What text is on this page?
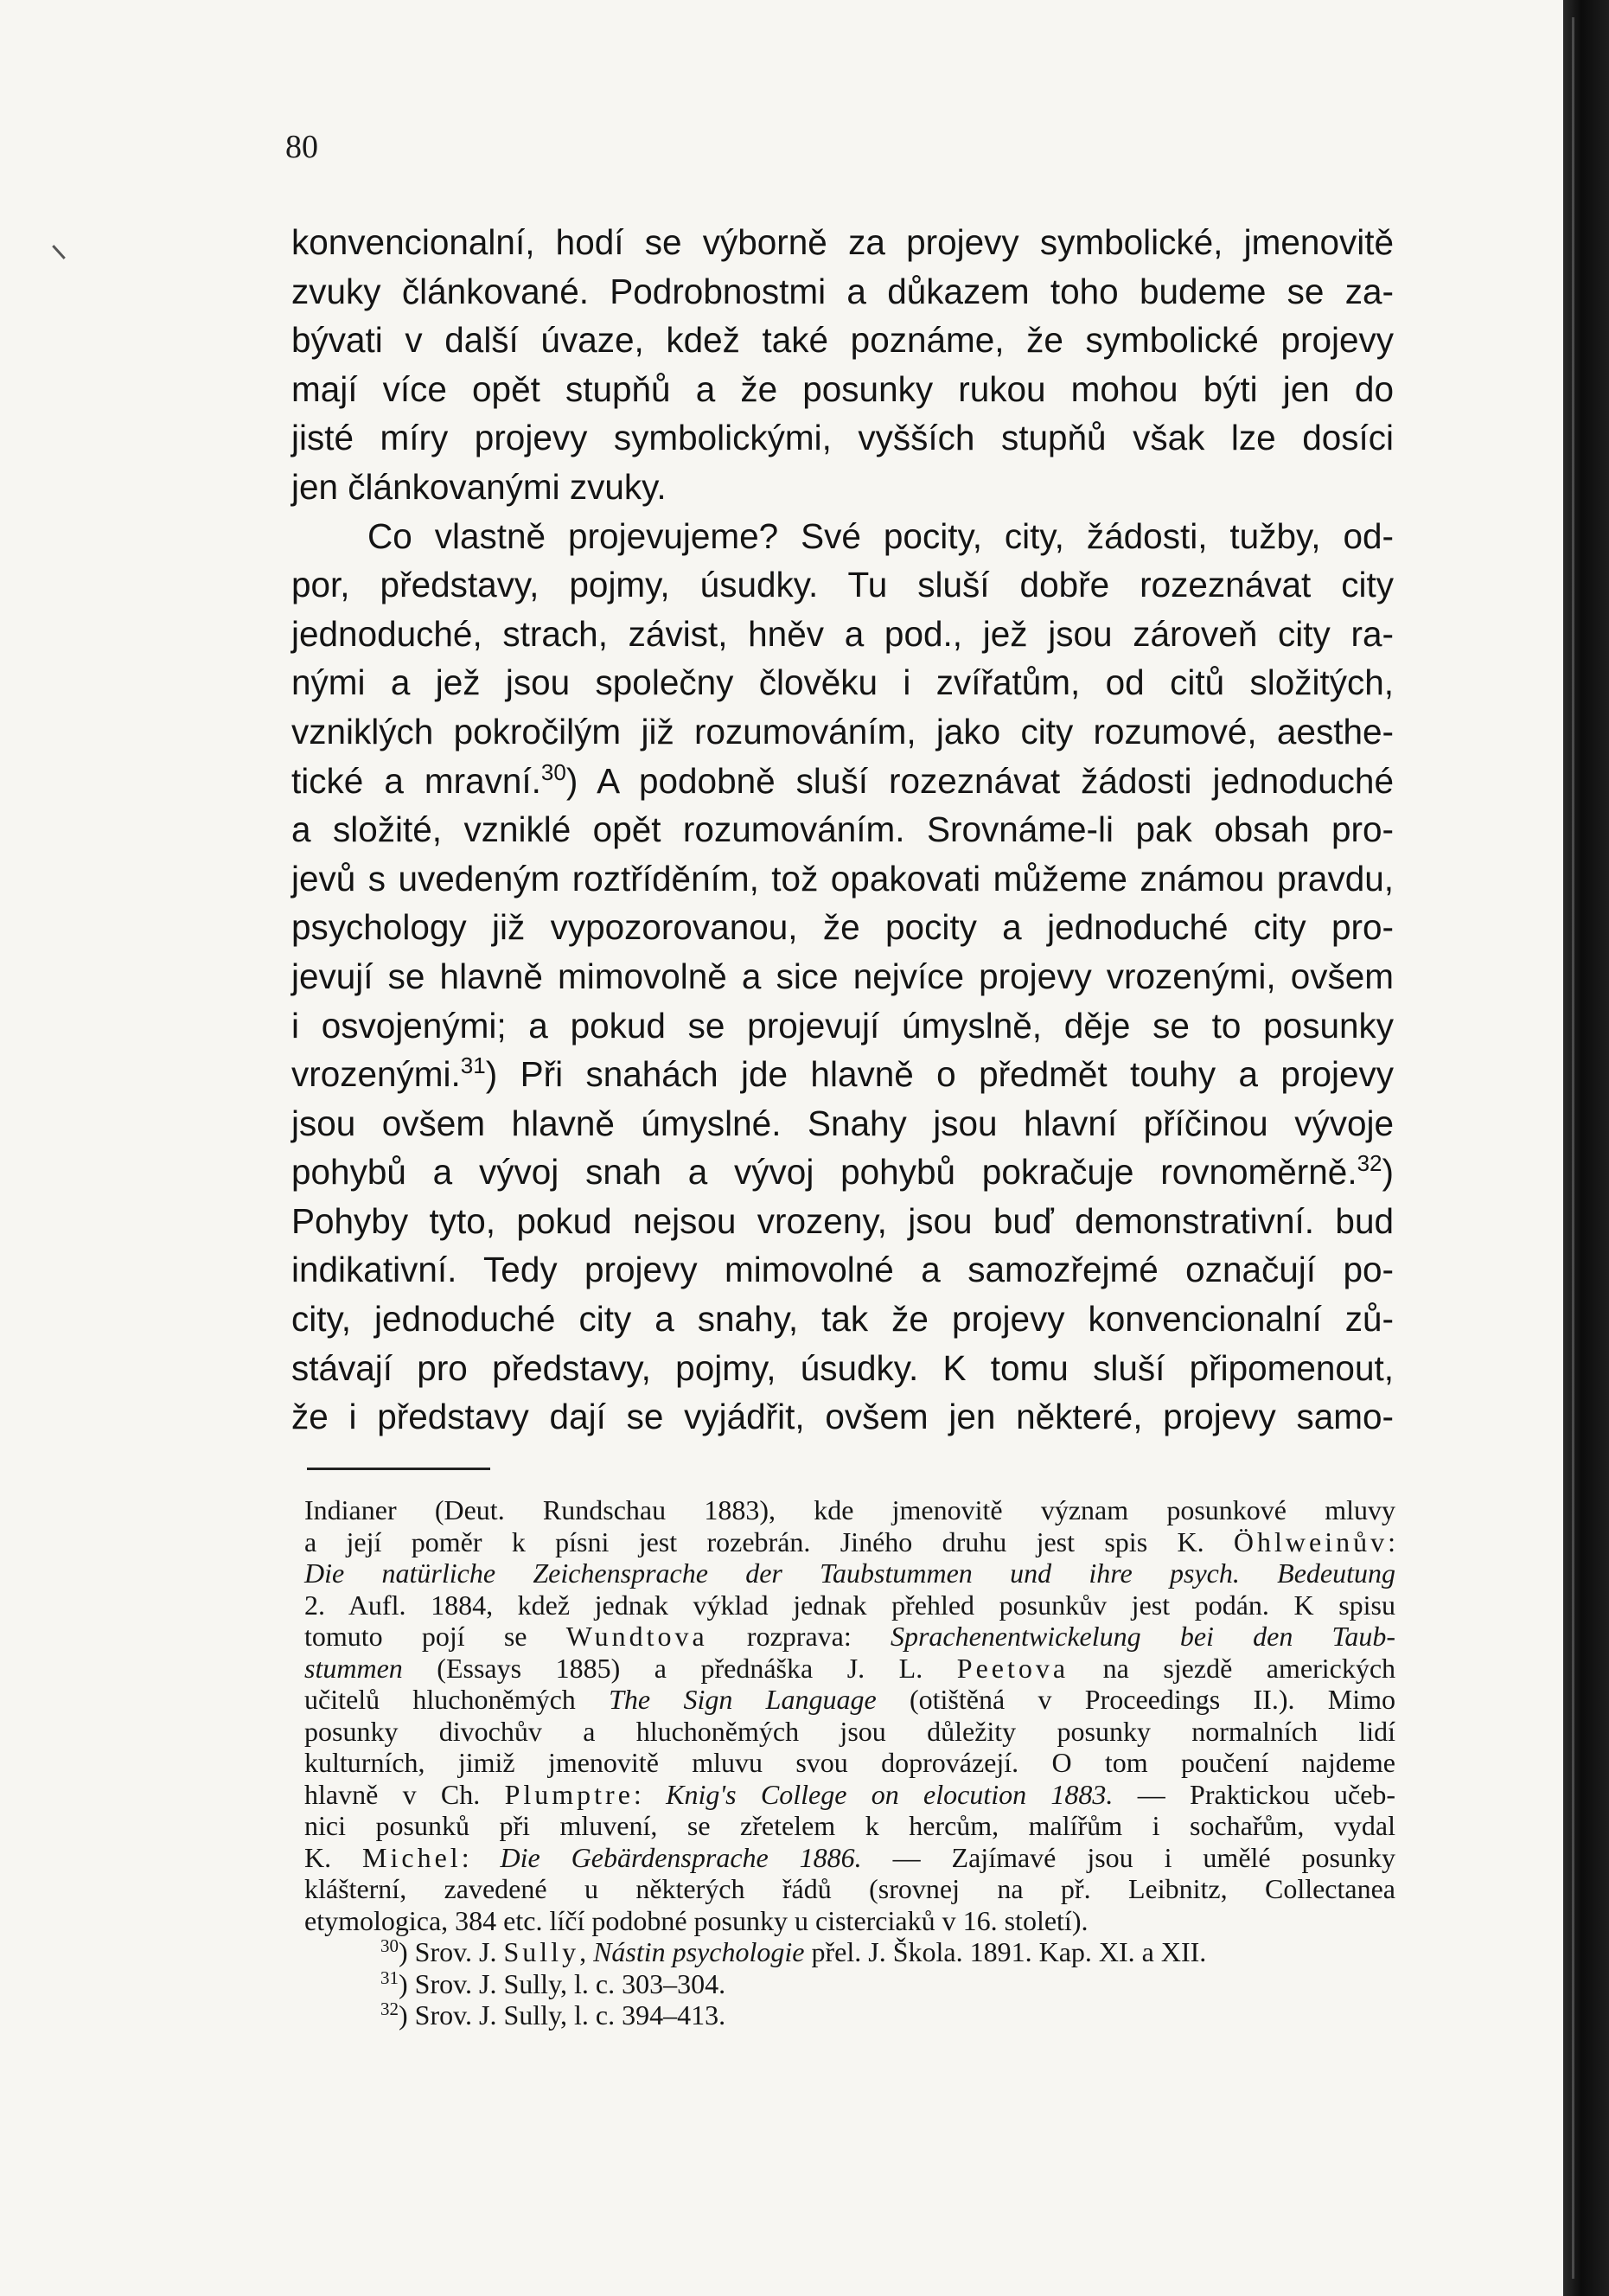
80

konvencionalní, hodí se výborně za projevy symbolické, jmenovitě

zvuky článkované. Podrobnostmi a důkazem toho budeme se za-

bývati v další úvaze, kdež také poznáme, že symbolické projevy

mají více opět stupňů a že posunky rukou mohou býti jen do

jisté míry projevy symbolickými, vyšších stupňů však lze dosíci

jen článkovanými zvuky.

Co vlastně projevujeme? Své pocity, city, žádosti, tužby, od-

por, představy, pojmy, úsudky. Tu sluší dobře rozeznávat city

jednoduché, strach, závist, hněv a pod., jež jsou zároveň city ra-

nými a jež jsou společny člověku i zvířatům, od citů složitých,

vzniklých pokročilým již rozumováním, jako city rozumové, aesthe-

tické a mravní.$^{30}$) A podobně sluší rozeznávat žádosti jednoduché

a složité, vzniklé opět rozumováním. Srovnáme-li pak obsah pro-

jevů s uvedeným roztříděním, tož opakovati můžeme známou pravdu,

psychology již vypozorovanou, že pocity a jednoduché city pro-

jevují se hlavně mimovolně a sice nejvíce projevy vrozenými, ovšem

i osvojenými; a pokud se projevují úmyslně, děje se to posunky

vrozenými.$^{31}$) Při snahách jde hlavně o předmět touhy a projevy

jsou ovšem hlavně úmyslné. Snahy jsou hlavní příčinou vývoje

pohybů a vývoj snah a vývoj pohybů pokračuje rovnoměrně.$^{32}$)

Pohyby tyto, pokud nejsou vrozeny, jsou buď demonstrativní. bud

indikativní. Tedy projevy mimovolné a samozřejmé označují po-

city, jednoduché city a snahy, tak že projevy konvencionalní zů-

stávají pro představy, pojmy, úsudky. K tomu sluší připomenout,

že i představy dají se vyjádřit, ovšem jen některé, projevy samo-

Indianer (Deut. Rundschau 1883), kde jmenovitě význam posunkové mluvy

a její poměr k písni jest rozebrán. Jiného druhu jest spis K. Öhlweinův:

Die natürliche Zeichensprache der Taubstummen und ihre psych. Bedeutung

2. Aufl. 1884, kdež jednak výklad jednak přehled posunkův jest podán. K spisu

tomuto pojí se Wundtova rozprava: Sprachenentwickelung bei den Taub-

stummen (Essays 1885) a přednáška J. L. Peetova na sjezdě amerických

učitelů hluchoněmých The Sign Language (otištěná v Proceedings II.). Mimo

posunky divochův a hluchoněmých jsou důležity posunky normalních lidí

kulturních, jimiž jmenovitě mluvu svou doprovázejí. O tom poučení najdeme

hlavně v Ch. Plumptre: Knig's College on elocution 1883. — Praktickou učeb-

nici posunků při mluvení, se zřetelem k hercům, malířům i sochařům, vydal

K. Michel: Die Gebärdensprache 1886. — Zajímavé jsou i umělé posunky

klášterní, zavedené u některých řádů (srovnej na př. Leibnitz, Collectanea

etymologica, 384 etc. líčí podobné posunky u cisterciaků v 16. století).

$^{30}$) Srov. J. Sully, Nástin psychologie přel. J. Škola. 1891. Kap. XI. a XII.

$^{31}$) Srov. J. Sully, l. c. 303–304.

$^{32}$) Srov. J. Sully, l. c. 394–413.
